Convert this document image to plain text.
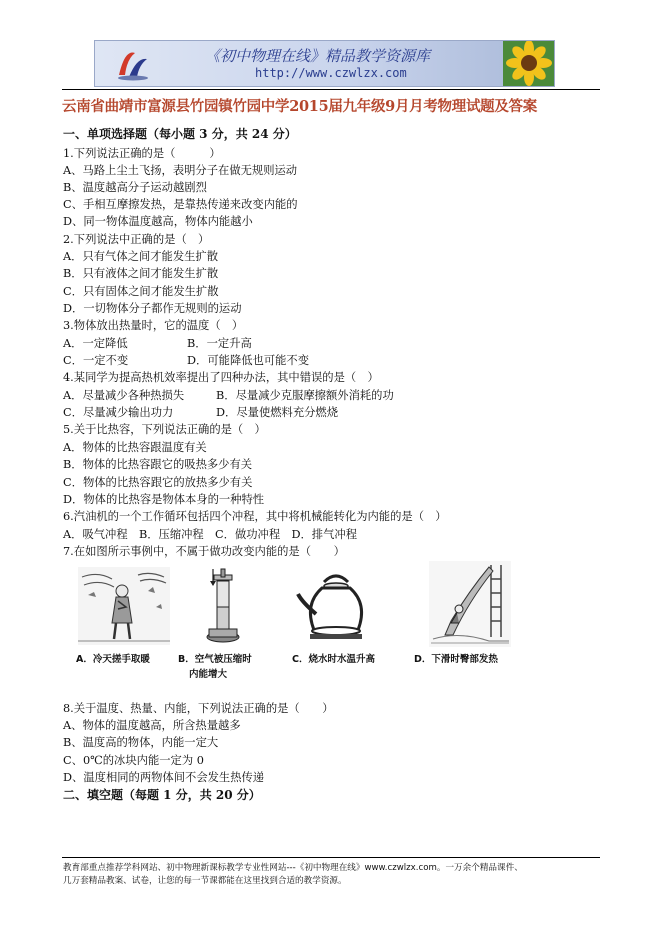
《初中物理在线》精品教学资源库
http://www.czwlzx.com
云南省曲靖市富源县竹园镇竹园中学2015届九年级9月月考物理试题及答案
一、单项选择题（每小题 3 分，共 24 分）
1.下列说法正确的是（　　　）
A、马路上尘土飞扬，表明分子在做无规则运动
B、温度越高分子运动越剧烈
C、手相互摩擦发热，是靠热传递来改变内能的
D、同一物体温度越高，物体内能越小
2.下列说法中正确的是（　）
A．只有气体之间才能发生扩散
B．只有液体之间才能发生扩散
C．只有固体之间才能发生扩散
D．一切物体分子都作无规则的运动
3.物体放出热量时，它的温度（　）
A．一定降低	B．一定升高
C．一定不变	D．可能降低也可能不变
4.某同学为提高热机效率提出了四种办法，其中错误的是（　）
A．尽量减少各种热损失	B．尽量减少克服摩擦额外消耗的功
C．尽量减少输出功力	D．尽量使燃料充分燃烧
5.关于比热容，下列说法正确的是（　）
A．物体的比热容跟温度有关
B．物体的比热容跟它的吸热多少有关
C．物体的比热容跟它的放热多少有关
D．物体的比热容是物体本身的一种特性
6.汽油机的一个工作循环包括四个冲程，其中将机械能转化为内能的是（　）
A．吸气冲程　B．压缩冲程　C．做功冲程　D．排气冲程
7.在如图所示事例中，不属于做功改变内能的是（　　）
A．冷天搓手取暖	B．空气被压缩时
内能增大
C．烧水时水温升高	D．下滑时臀部发热
8.关于温度、热量、内能，下列说法正确的是（　　）
A、物体的温度越高，所含热量越多
B、温度高的物体，内能一定大
C、0℃的冰块内能一定为 0
D、温度相同的两物体间不会发生热传递
二、填空题（每题 1 分，共 20 分）
教育部重点推荐学科网站、初中物理新课标教学专业性网站---《初中物理在线》www.czwlzx.com。一万余个精品课件、
几万套精品教案、试卷，让您的每一节课都能在这里找到合适的教学资源。
